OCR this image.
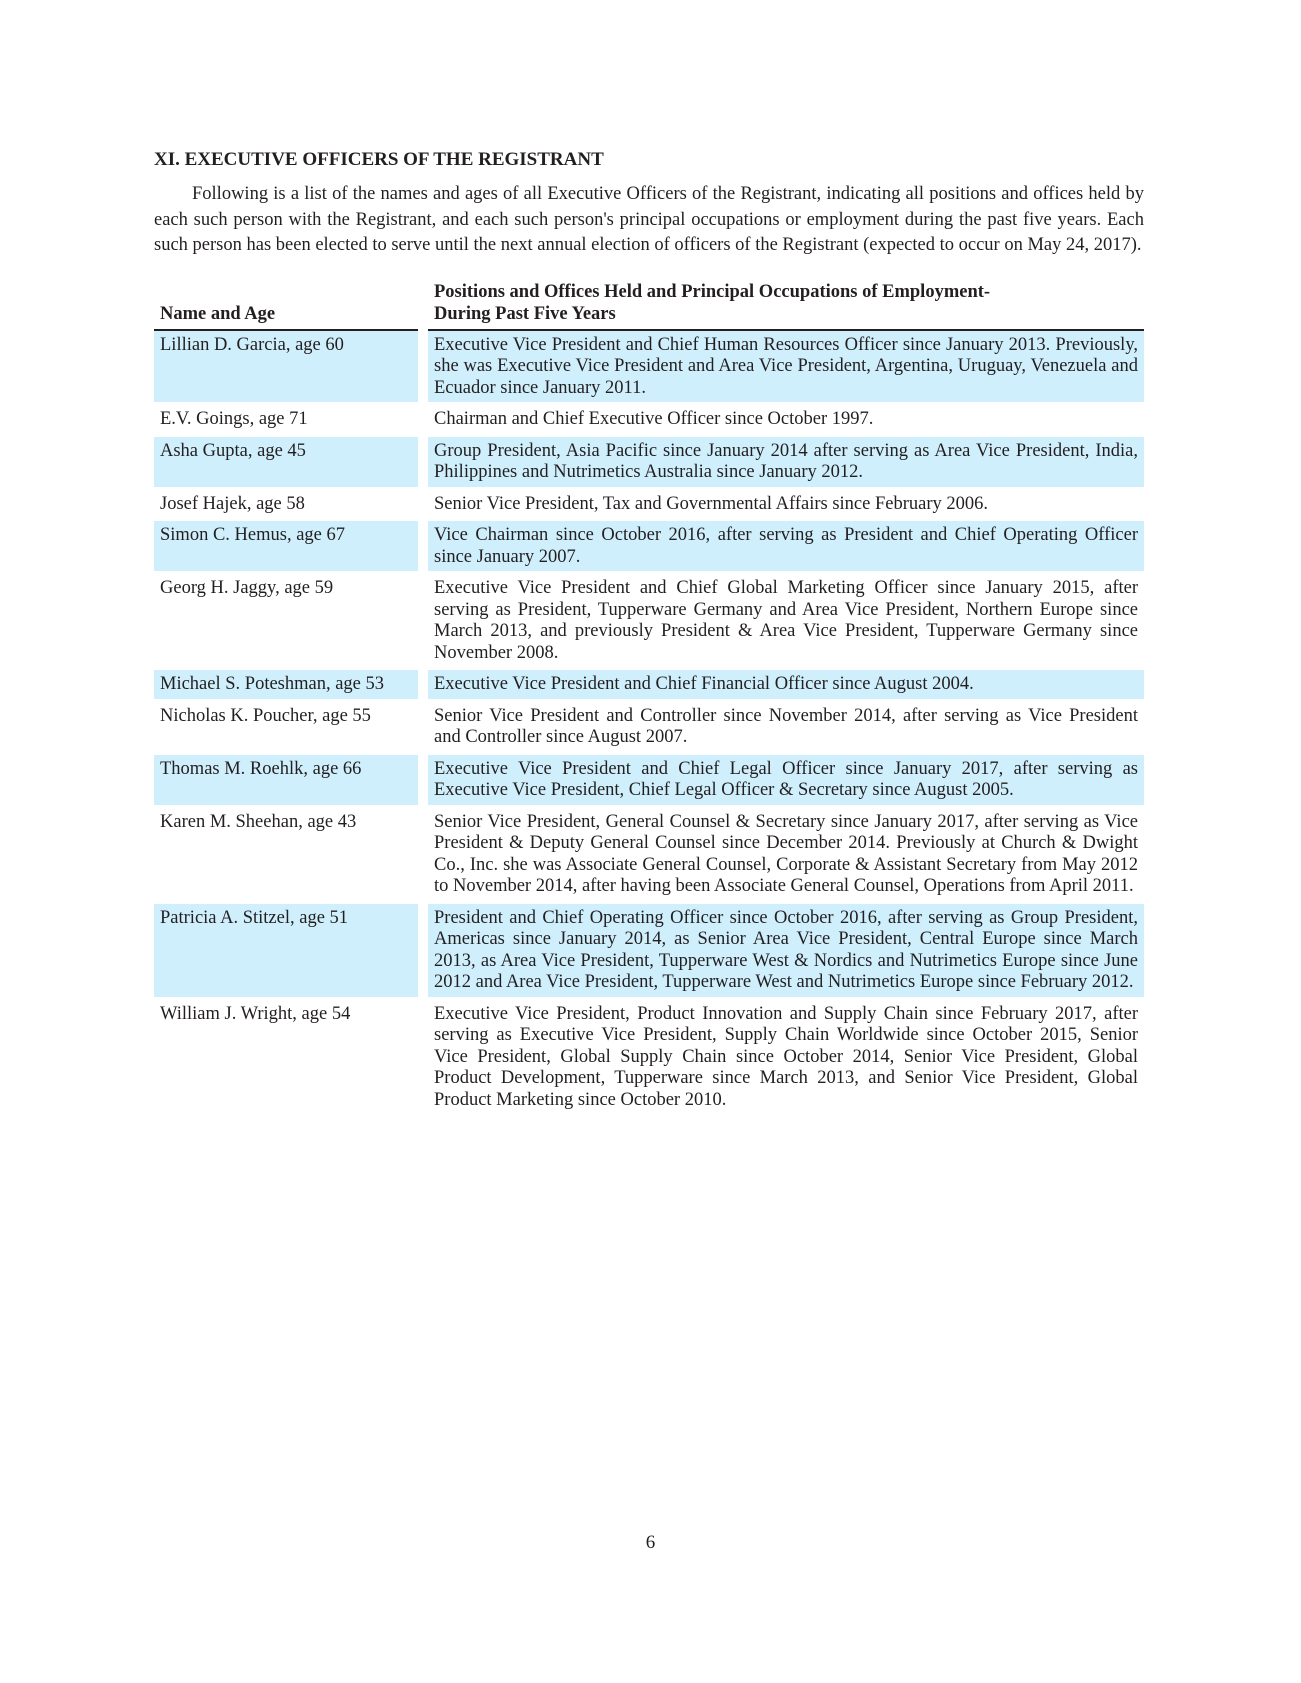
XI. EXECUTIVE OFFICERS OF THE REGISTRANT

Following is a list of the names and ages of all Executive Officers of the Registrant, indicating all positions and offices held by each such person with the Registrant, and each such person's principal occupations or employment during the past five years. Each such person has been elected to serve until the next annual election of officers of the Registrant (expected to occur on May 24, 2017).

Name and Age		Positions and Offices Held and Principal Occupations of Employment-
During Past Five Years
Lillian D. Garcia, age 60		Executive Vice President and Chief Human Resources Officer since January 2013. Previously, she was Executive Vice President and Area Vice President, Argentina, Uruguay, Venezuela and Ecuador since January 2011.

E.V. Goings, age 71		Chairman and Chief Executive Officer since October 1997.

Asha Gupta, age 45		Group President, Asia Pacific since January 2014 after serving as Area Vice President, India, Philippines and Nutrimetics Australia since January 2012.

Josef Hajek, age 58		Senior Vice President, Tax and Governmental Affairs since February 2006.

Simon C. Hemus, age 67		Vice Chairman since October 2016, after serving as President and Chief Operating Officer since January 2007.

Georg H. Jaggy, age 59		Executive Vice President and Chief Global Marketing Officer since January 2015, after serving as President, Tupperware Germany and Area Vice President, Northern Europe since March 2013, and previously President & Area Vice President, Tupperware Germany since November 2008.

Michael S. Poteshman, age 53		Executive Vice President and Chief Financial Officer since August 2004.

Nicholas K. Poucher, age 55		Senior Vice President and Controller since November 2014, after serving as Vice President and Controller since August 2007.

Thomas M. Roehlk, age 66		Executive Vice President and Chief Legal Officer since January 2017, after serving as Executive Vice President, Chief Legal Officer & Secretary since August 2005.

Karen M. Sheehan, age 43		Senior Vice President, General Counsel & Secretary since January 2017, after serving as Vice President & Deputy General Counsel since December 2014. Previously at Church & Dwight Co., Inc. she was Associate General Counsel, Corporate & Assistant Secretary from May 2012 to November 2014, after having been Associate General Counsel, Operations from April 2011.

Patricia A. Stitzel, age 51		President and Chief Operating Officer since October 2016, after serving as Group President, Americas since January 2014, as Senior Area Vice President, Central Europe since March 2013, as Area Vice President, Tupperware West & Nordics and Nutrimetics Europe since June 2012 and Area Vice President, Tupperware West and Nutrimetics Europe since February 2012.

William J. Wright, age 54		Executive Vice President, Product Innovation and Supply Chain since February 2017, after serving as Executive Vice President, Supply Chain Worldwide since October 2015, Senior Vice President, Global Supply Chain since October 2014, Senior Vice President, Global Product Development, Tupperware since March 2013, and Senior Vice President, Global Product Marketing since October 2010.

6
